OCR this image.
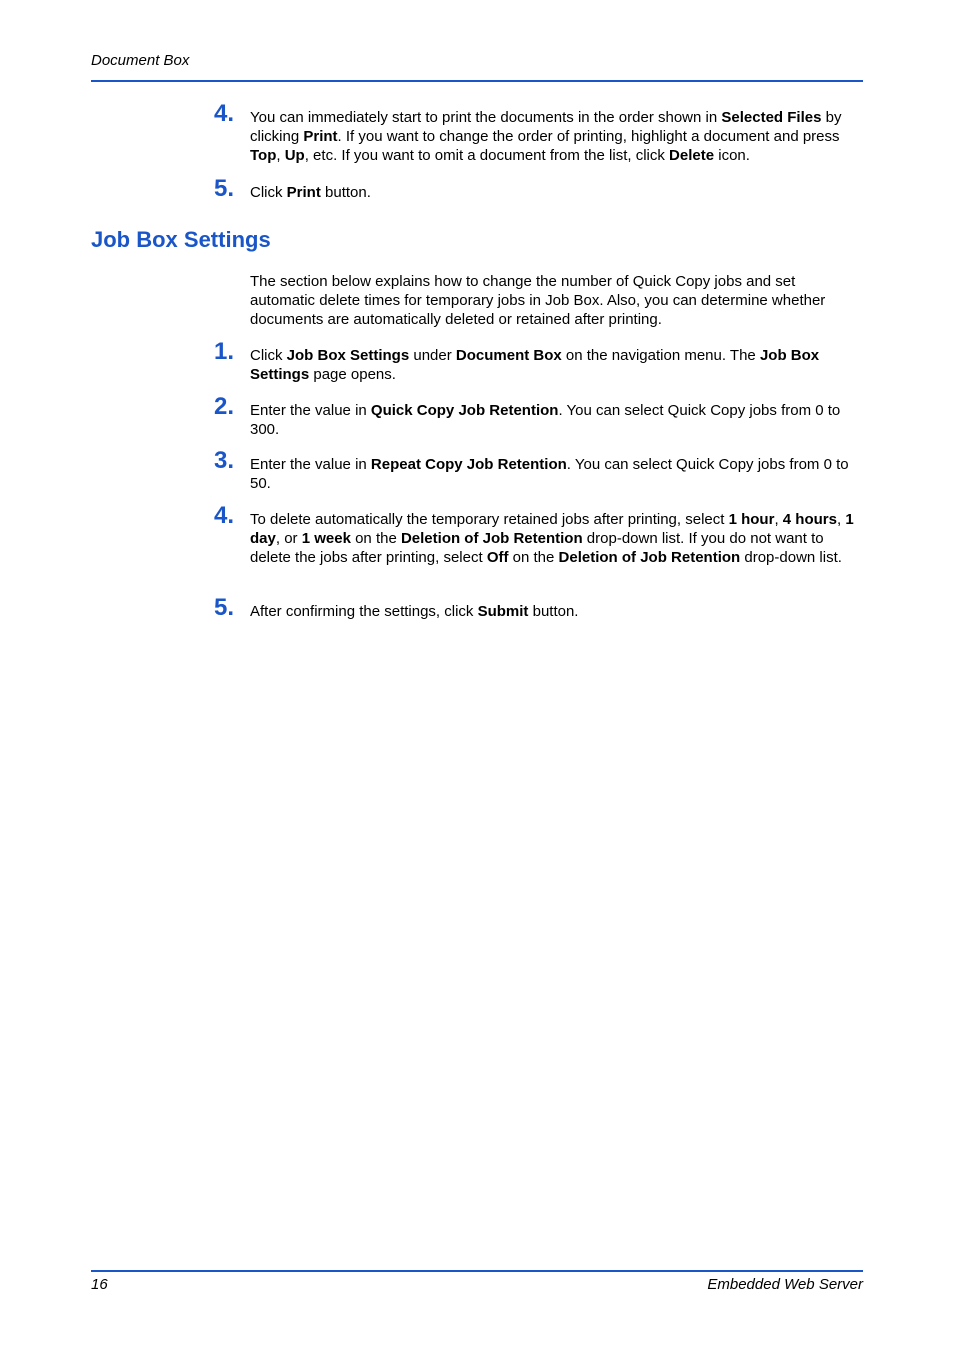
Document Box
4. You can immediately start to print the documents in the order shown in Selected Files by clicking Print. If you want to change the order of printing, highlight a document and press Top, Up, etc. If you want to omit a document from the list, click Delete icon.
5. Click Print button.
Job Box Settings
The section below explains how to change the number of Quick Copy jobs and set automatic delete times for temporary jobs in Job Box. Also, you can determine whether documents are automatically deleted or retained after printing.
1. Click Job Box Settings under Document Box on the navigation menu. The Job Box Settings page opens.
2. Enter the value in Quick Copy Job Retention. You can select Quick Copy jobs from 0 to 300.
3. Enter the value in Repeat Copy Job Retention. You can select Quick Copy jobs from 0 to 50.
4. To delete automatically the temporary retained jobs after printing, select 1 hour, 4 hours, 1 day, or 1 week on the Deletion of Job Retention drop-down list. If you do not want to delete the jobs after printing, select Off on the Deletion of Job Retention drop-down list.
5. After confirming the settings, click Submit button.
16	Embedded Web Server
